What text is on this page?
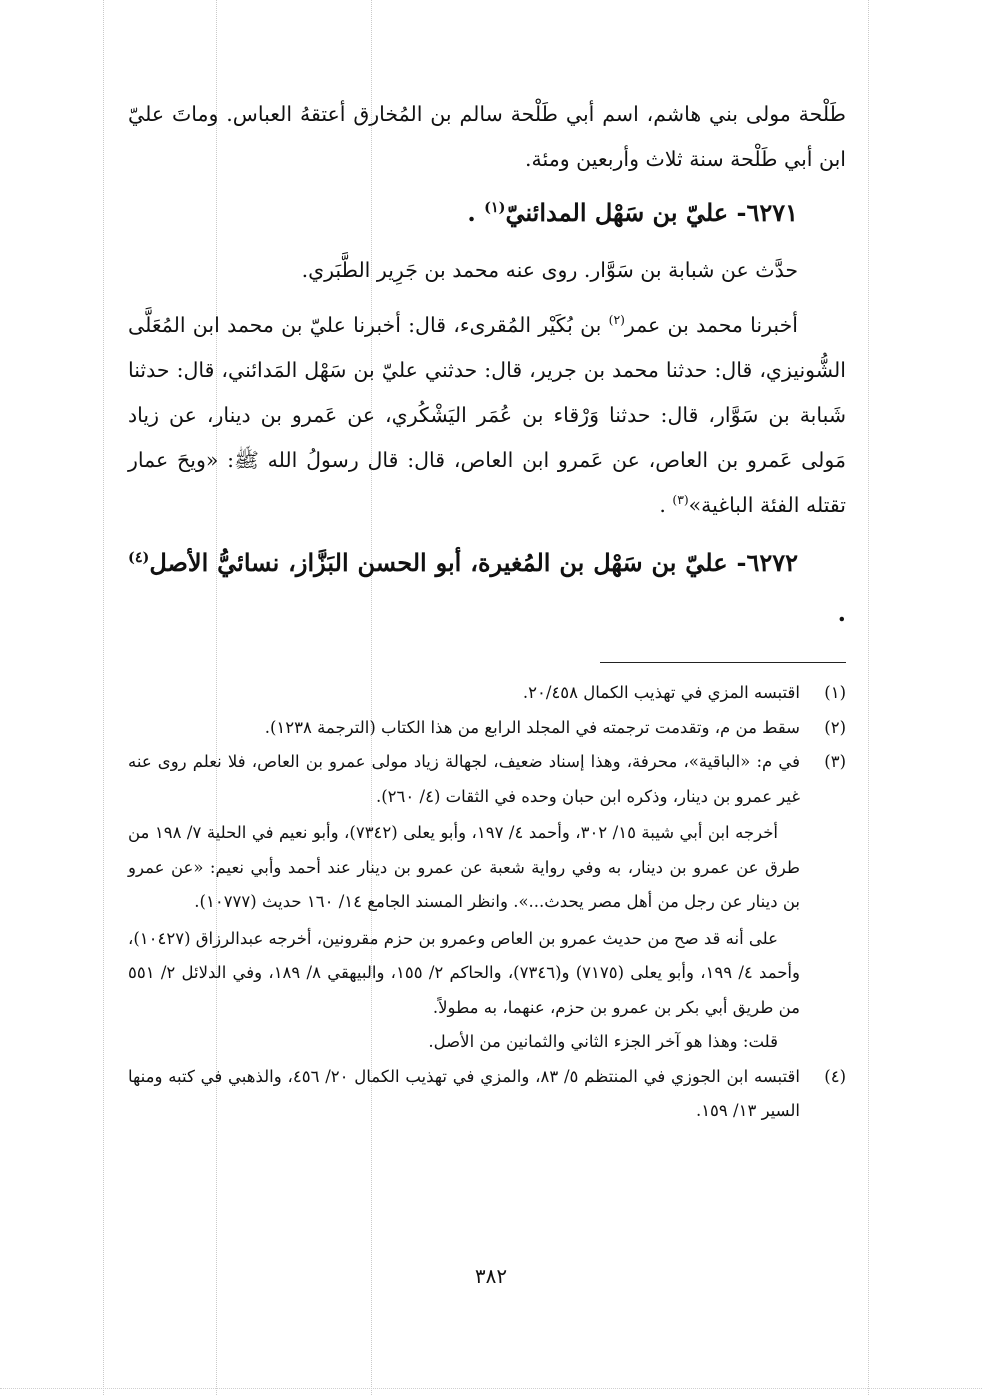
طَلْحة مولى بني هاشم، اسم أبي طَلْحة سالم بن المُخارق أعتقهُ العباس. وماتَ عليّ ابن أبي طَلْحة سنة ثلاث وأربعين ومئة.

٦٢٧١- عليّ بن سَهْل المدائنيّ$^{(١)}$ .

حدَّث عن شبابة بن سَوَّار. روى عنه محمد بن جَرِير الطَّبَري.

أخبرنا محمد بن عمر$^{(٢)}$ بن بُكَيْر المُقرىء، قال: أخبرنا عليّ بن محمد ابن المُعَلَّى الشُّونيزي، قال: حدثنا محمد بن جرير، قال: حدثني عليّ بن سَهْل المَدائني، قال: حدثنا شَبابة بن سَوَّار، قال: حدثنا وَرْقاء بن عُمَر اليَشْكُري، عن عَمرو بن دينار، عن زياد مَولى عَمرو بن العاص، عن عَمرو ابن العاص، قال: قال رسولُ الله ﷺ: «ويحَ عمار تقتله الفئة الباغية»$^{(٣)}$ .

٦٢٧٢- عليّ بن سَهْل بن المُغيرة، أبو الحسن البَزَّاز، نسائيُّ الأصل$^{(٤)}$ .

(١)
اقتبسه المزي في تهذيب الكمال ٢٠/٤٥٨.
(٢)
سقط من م، وتقدمت ترجمته في المجلد الرابع من هذا الكتاب (الترجمة ١٢٣٨).
(٣)
في م: «الباقية»، محرفة، وهذا إسناد ضعيف، لجهالة زياد مولى عمرو بن العاص، فلا نعلم روى عنه غير عمرو بن دينار، وذكره ابن حبان وحده في الثقات (٤/ ٢٦٠).

أخرجه ابن أبي شيبة ١٥/ ٣٠٢، وأحمد ٤/ ١٩٧، وأبو يعلى (٧٣٤٢)، وأبو نعيم في الحلية ٧/ ١٩٨ من طرق عن عمرو بن دينار، به وفي رواية شعبة عن عمرو بن دينار عند أحمد وأبي نعيم: «عن عمرو بن دينار عن رجل من أهل مصر يحدث...». وانظر المسند الجامع ١٤/ ١٦٠ حديث (١٠٧٧٧).

على أنه قد صح من حديث عمرو بن العاص وعمرو بن حزم مقرونين، أخرجه عبدالرزاق (١٠٤٢٧)، وأحمد ٤/ ١٩٩، وأبو يعلى (٧١٧٥) و(٧٣٤٦)، والحاكم ٢/ ١٥٥، والبيهقي ٨/ ١٨٩، وفي الدلائل ٢/ ٥٥١ من طريق أبي بكر بن عمرو بن حزم، عنهما، به مطولاً.

قلت: وهذا هو آخر الجزء الثاني والثمانين من الأصل.

(٤)
اقتبسه ابن الجوزي في المنتظم ٥/ ٨٣، والمزي في تهذيب الكمال ٢٠/ ٤٥٦، والذهبي في كتبه ومنها السير ١٣/ ١٥٩.
٣٨٢
